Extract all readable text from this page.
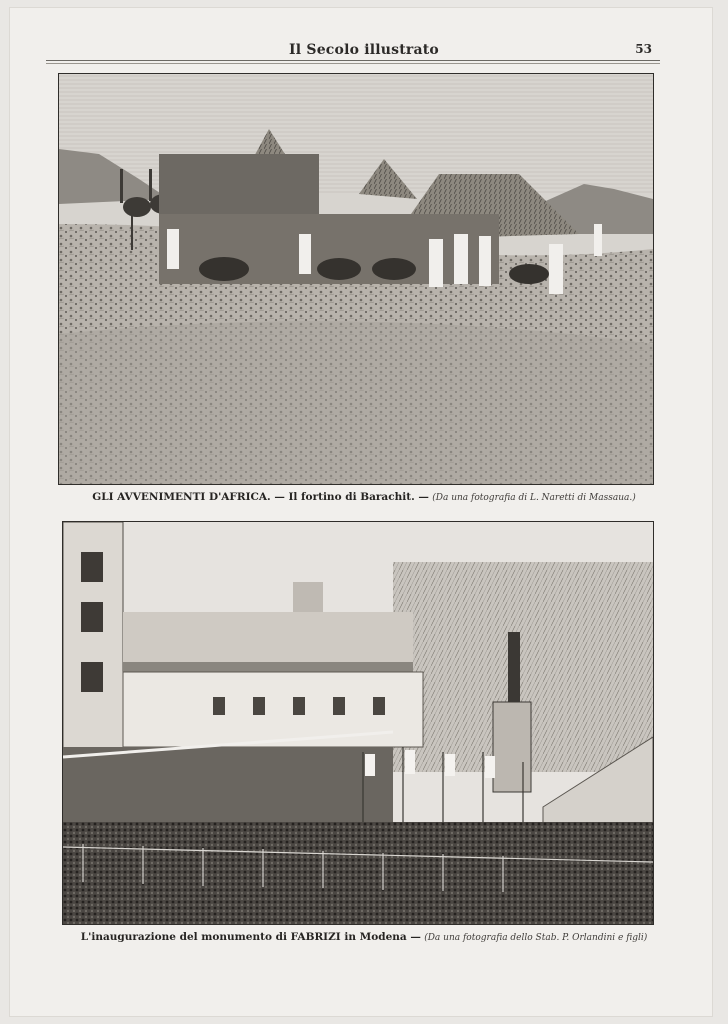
Il Secolo illustrato	53
GLI AVVENIMENTI D'AFRICA. — Il fortino di Barachit. — (Da una fotografia di L. Naretti di Massaua.)
L'inaugurazione del monumento di FABRIZI in Modena — (Da una fotografia dello Stab. P. Orlandini e figli)
